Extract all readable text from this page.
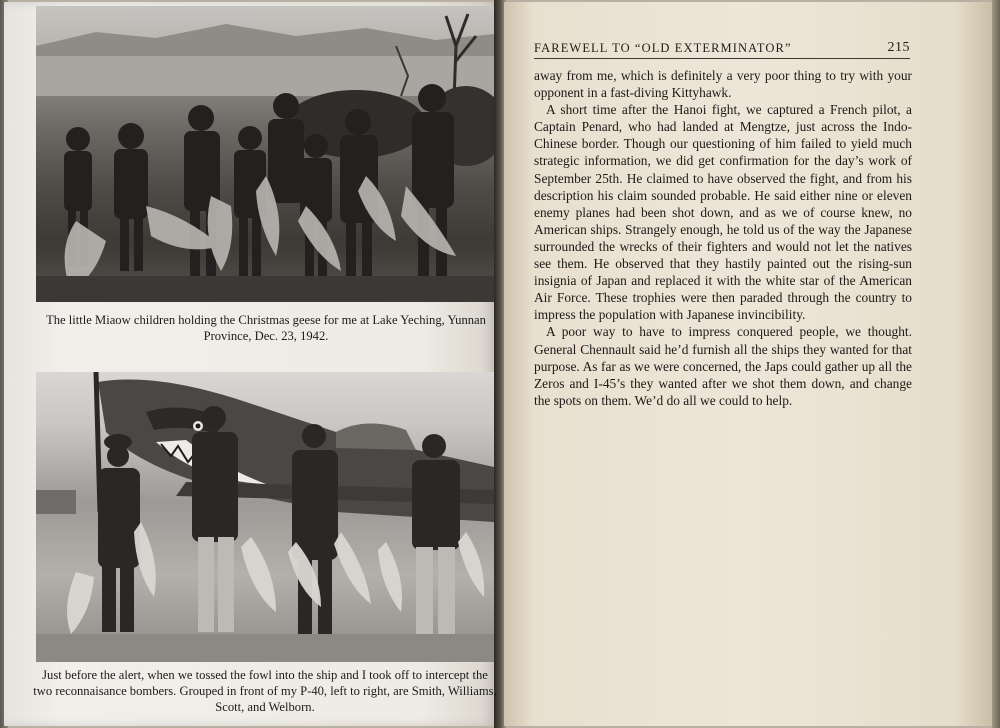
The little Miaow children holding the Christmas geese for me at Lake Yeching, Yunnan Province, Dec. 23, 1942.
Just before the alert, when we tossed the fowl into the ship and I took off to intercept the two reconnaisance bombers. Grouped in front of my P-40, left to right, are Smith, Williams, Scott, and Welborn.
FAREWELL TO “OLD EXTERMINATOR”	215

away from me, which is definitely a very poor thing to try with your opponent in a fast-diving Kittyhawk.

A short time after the Hanoi fight, we captured a French pilot, a Captain Penard, who had landed at Mengtze, just across the Indo-Chinese border. Though our questioning of him failed to yield much strategic information, we did get confirmation for the day’s work of September 25th. He claimed to have observed the fight, and from his description his claim sounded probable. He said either nine or eleven enemy planes had been shot down, and as we of course knew, no American ships. Strangely enough, he told us of the way the Japanese surrounded the wrecks of their fighters and would not let the natives see them. He observed that they hastily painted out the rising-sun insignia of Japan and replaced it with the white star of the American Air Force. These trophies were then paraded through the country to impress the population with Japanese invincibility.

A poor way to have to impress conquered people, we thought. General Chennault said he’d furnish all the ships they wanted for that purpose. As far as we were concerned, the Japs could gather up all the Zeros and I-45’s they wanted after we shot them down, and change the spots on them. We’d do all we could to help.
